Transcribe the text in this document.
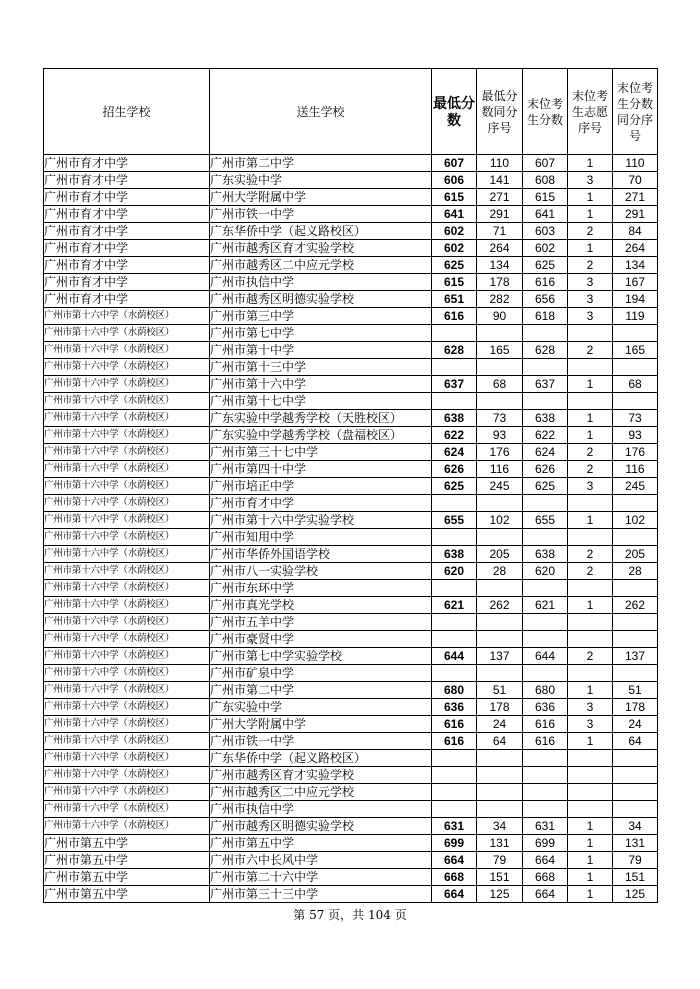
招生学校	送生学校	最低分数	最低分数同分序号	末位考生分数	末位考生志愿序号	末位考生分数同分序号
广州市育才中学	广州市第二中学	607	110	607	1	110
广州市育才中学	广东实验中学	606	141	608	3	70
广州市育才中学	广州大学附属中学	615	271	615	1	271
广州市育才中学	广州市铁一中学	641	291	641	1	291
广州市育才中学	广东华侨中学（起义路校区）	602	71	603	2	84
广州市育才中学	广州市越秀区育才实验学校	602	264	602	1	264
广州市育才中学	广州市越秀区二中应元学校	625	134	625	2	134
广州市育才中学	广州市执信中学	615	178	616	3	167
广州市育才中学	广州市越秀区明德实验学校	651	282	656	3	194
广州市第十六中学（水荫校区）	广州市第三中学	616	90	618	3	119
广州市第十六中学（水荫校区）	广州市第七中学					
广州市第十六中学（水荫校区）	广州市第十中学	628	165	628	2	165
广州市第十六中学（水荫校区）	广州市第十三中学					
广州市第十六中学（水荫校区）	广州市第十六中学	637	68	637	1	68
广州市第十六中学（水荫校区）	广州市第十七中学					
广州市第十六中学（水荫校区）	广东实验中学越秀学校（天胜校区）	638	73	638	1	73
广州市第十六中学（水荫校区）	广东实验中学越秀学校（盘福校区）	622	93	622	1	93
广州市第十六中学（水荫校区）	广州市第三十七中学	624	176	624	2	176
广州市第十六中学（水荫校区）	广州市第四十中学	626	116	626	2	116
广州市第十六中学（水荫校区）	广州市培正中学	625	245	625	3	245
广州市第十六中学（水荫校区）	广州市育才中学					
广州市第十六中学（水荫校区）	广州市第十六中学实验学校	655	102	655	1	102
广州市第十六中学（水荫校区）	广州市知用中学					
广州市第十六中学（水荫校区）	广州市华侨外国语学校	638	205	638	2	205
广州市第十六中学（水荫校区）	广州市八一实验学校	620	28	620	2	28
广州市第十六中学（水荫校区）	广州市东环中学					
广州市第十六中学（水荫校区）	广州市真光学校	621	262	621	1	262
广州市第十六中学（水荫校区）	广州市五羊中学					
广州市第十六中学（水荫校区）	广州市豪贤中学					
广州市第十六中学（水荫校区）	广州市第七中学实验学校	644	137	644	2	137
广州市第十六中学（水荫校区）	广州市矿泉中学					
广州市第十六中学（水荫校区）	广州市第二中学	680	51	680	1	51
广州市第十六中学（水荫校区）	广东实验中学	636	178	636	3	178
广州市第十六中学（水荫校区）	广州大学附属中学	616	24	616	3	24
广州市第十六中学（水荫校区）	广州市铁一中学	616	64	616	1	64
广州市第十六中学（水荫校区）	广东华侨中学（起义路校区）					
广州市第十六中学（水荫校区）	广州市越秀区育才实验学校					
广州市第十六中学（水荫校区）	广州市越秀区二中应元学校					
广州市第十六中学（水荫校区）	广州市执信中学					
广州市第十六中学（水荫校区）	广州市越秀区明德实验学校	631	34	631	1	34
广州市第五中学	广州市第五中学	699	131	699	1	131
广州市第五中学	广州市六中长风中学	664	79	664	1	79
广州市第五中学	广州市第二十六中学	668	151	668	1	151
广州市第五中学	广州市第三十三中学	664	125	664	1	125
第 57 页，共 104 页
